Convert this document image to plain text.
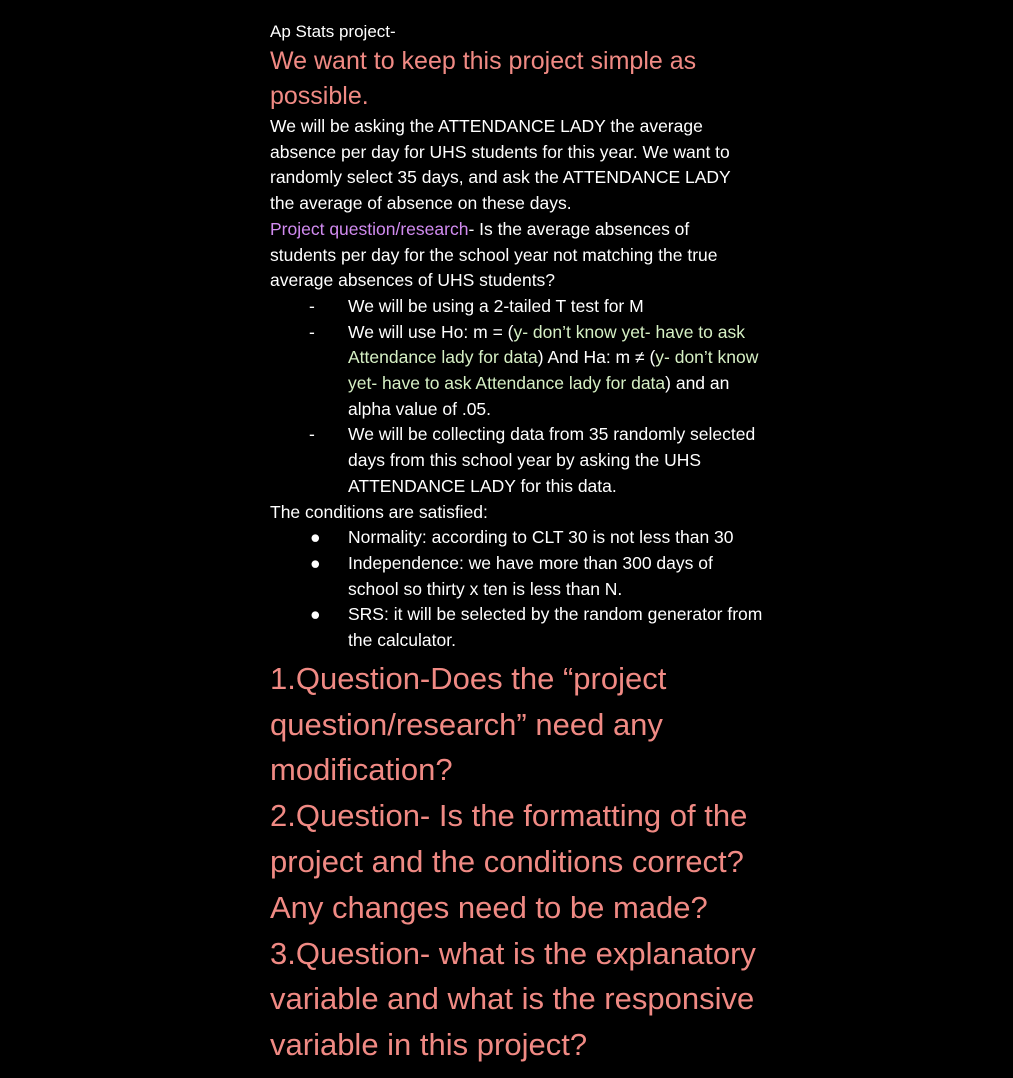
Ap Stats project-

We want to keep this project simple as

possible.

We will be asking the ATTENDANCE LADY the average

absence per day for UHS students for this year. We want to

randomly select 35 days, and ask the ATTENDANCE LADY

the average of absence on these days.

Project question/research- Is the average absences of

students per day for the school year not matching the true

average absences of UHS students?

- We will be using a 2-tailed T test for M
- We will use Ho: m = (y- don’t know yet- have to ask
Attendance lady for data) And Ha: m ≠ (y- don’t know
yet- have to ask Attendance lady for data) and an
alpha value of .05.
- We will be collecting data from 35 randomly selected
days from this school year by asking the UHS
ATTENDANCE LADY for this data.

The conditions are satisfied:

● Normality: according to CLT 30 is not less than 30
● Independence: we have more than 300 days of
school so thirty x ten is less than N.
● SRS: it will be selected by the random generator from
the calculator.

1.Question-Does the “project

question/research” need any

modification?

2.Question- Is the formatting of the

project and the conditions correct?

Any changes need to be made?

3.Question- what is the explanatory

variable and what is the responsive

variable in this project?
